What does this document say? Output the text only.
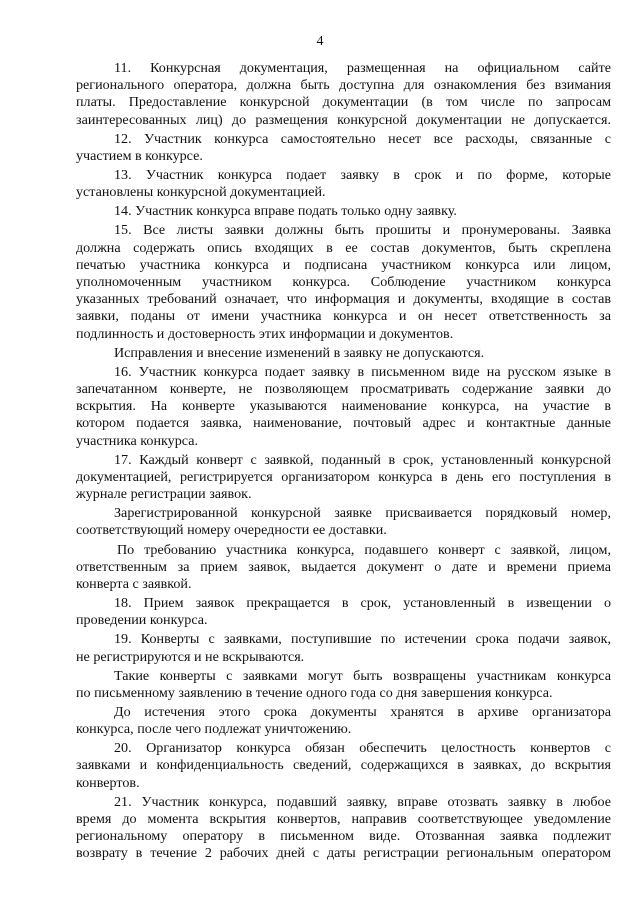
4
11. Конкурсная документация, размещенная на официальном сайте
регионального оператора, должна быть доступна для ознакомления без взимания
платы. Предоставление конкурсной документации (в том числе по запросам
заинтересованных лиц) до размещения конкурсной документации не допускается.
12. Участник конкурса самостоятельно несет все расходы, связанные с
участием в конкурсе.
13. Участник конкурса подает заявку в срок и по форме, которые
установлены конкурсной документацией.
14. Участник конкурса вправе подать только одну заявку.
15. Все листы заявки должны быть прошиты и пронумерованы. Заявка
должна содержать опись входящих в ее состав документов, быть скреплена
печатью участника конкурса и подписана участником конкурса или лицом,
уполномоченным участником конкурса. Соблюдение участником конкурса
указанных требований означает, что информация и документы, входящие в состав
заявки, поданы от имени участника конкурса и он несет ответственность за
подлинность и достоверность этих информации и документов.
Исправления и внесение изменений в заявку не допускаются.
16. Участник конкурса подает заявку в письменном виде на русском языке в
запечатанном конверте, не позволяющем просматривать содержание заявки до
вскрытия. На конверте указываются наименование конкурса, на участие в
котором подается заявка, наименование, почтовый адрес и контактные данные
участника конкурса.
17. Каждый конверт с заявкой, поданный в срок, установленный конкурсной
документацией, регистрируется организатором конкурса в день его поступления в
журнале регистрации заявок.
Зарегистрированной конкурсной заявке присваивается порядковый номер,
соответствующий номеру очередности ее доставки.
По требованию участника конкурса, подавшего конверт с заявкой, лицом,
ответственным за прием заявок, выдается документ о дате и времени приема
конверта с заявкой.
18. Прием заявок прекращается в срок, установленный в извещении о
проведении конкурса.
19. Конверты с заявками, поступившие по истечении срока подачи заявок,
не регистрируются и не вскрываются.
Такие конверты с заявками могут быть возвращены участникам конкурса
по письменному заявлению в течение одного года со дня завершения конкурса.
До истечения этого срока документы хранятся в архиве организатора
конкурса, после чего подлежат уничтожению.
20. Организатор конкурса обязан обеспечить целостность конвертов с
заявками и конфиденциальность сведений, содержащихся в заявках, до вскрытия
конвертов.
21. Участник конкурса, подавший заявку, вправе отозвать заявку в любое
время до момента вскрытия конвертов, направив соответствующее уведомление
региональному оператору в письменном виде. Отозванная заявка подлежит
возврату в течение 2 рабочих дней с даты регистрации региональным оператором
